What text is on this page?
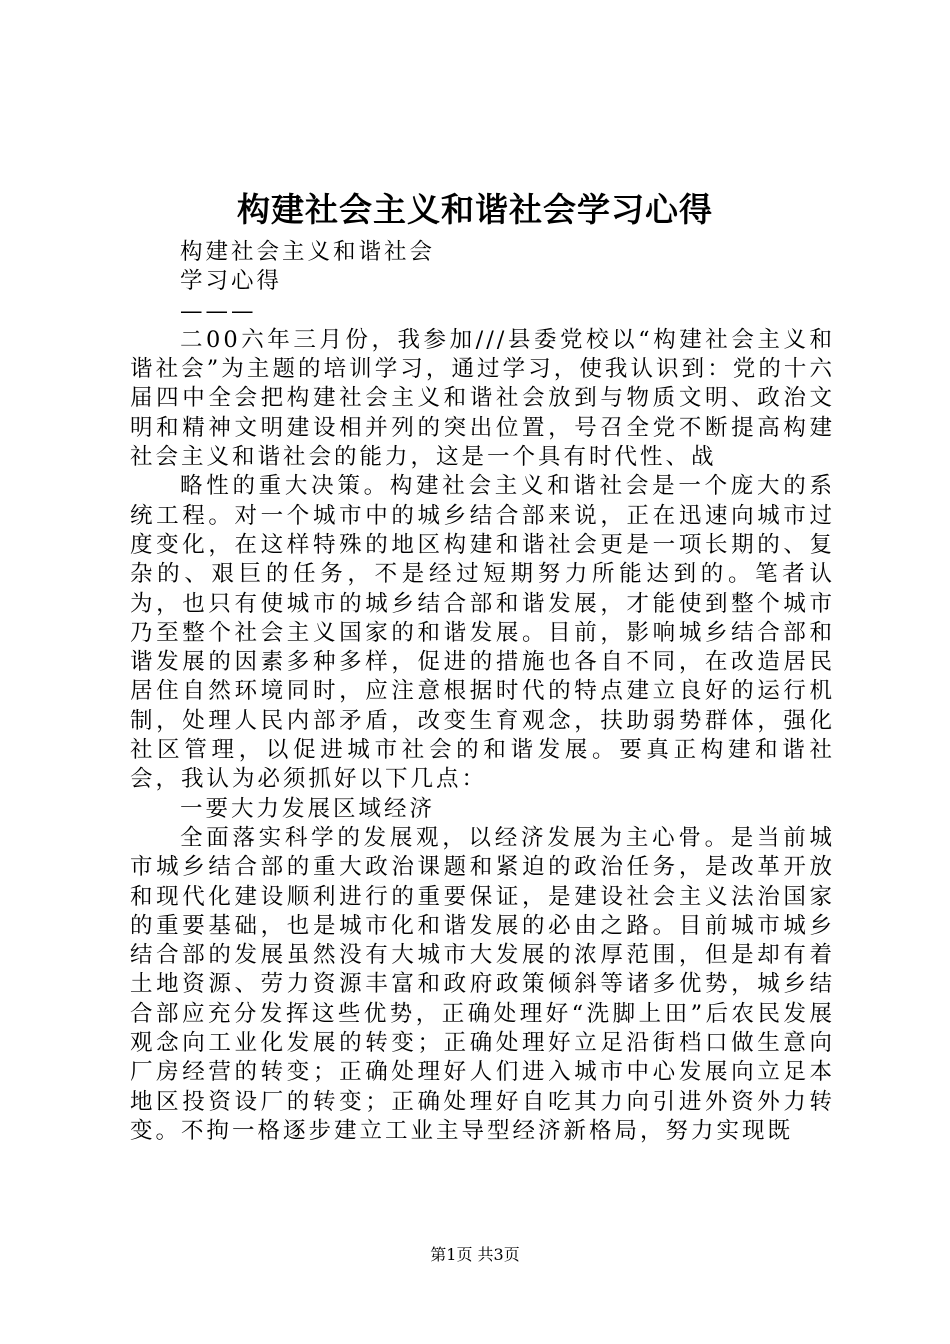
构建社会主义和谐社会学习心得

构建社会主义和谐社会

学习心得

———

二00六年三月份，我参加///县委党校以“构建社会主义和谐社会”为主题的培训学习，通过学习，使我认识到：党的十六届四中全会把构建社会主义和谐社会放到与物质文明、政治文明和精神文明建设相并列的突出位置，号召全党不断提高构建社会主义和谐社会的能力，这是一个具有时代性、战

略性的重大决策。构建社会主义和谐社会是一个庞大的系统工程。对一个城市中的城乡结合部来说，正在迅速向城市过度变化，在这样特殊的地区构建和谐社会更是一项长期的、复杂的、艰巨的任务，不是经过短期努力所能达到的。笔者认为，也只有使城市的城乡结合部和谐发展，才能使到整个城市乃至整个社会主义国家的和谐发展。目前，影响城乡结合部和谐发展的因素多种多样，促进的措施也各自不同，在改造居民居住自然环境同时，应注意根据时代的特点建立良好的运行机制，处理人民内部矛盾，改变生育观念，扶助弱势群体，强化社区管理，以促进城市社会的和谐发展。要真正构建和谐社会，我认为必须抓好以下几点：

一要大力发展区域经济

全面落实科学的发展观，以经济发展为主心骨。是当前城市城乡结合部的重大政治课题和紧迫的政治任务，是改革开放和现代化建设顺利进行的重要保证，是建设社会主义法治国家的重要基础，也是城市化和谐发展的必由之路。目前城市城乡结合部的发展虽然没有大城市大发展的浓厚范围，但是却有着土地资源、劳力资源丰富和政府政策倾斜等诸多优势，城乡结合部应充分发挥这些优势，正确处理好“洗脚上田”后农民发展观念向工业化发展的转变；正确处理好立足沿街档口做生意向厂房经营的转变；正确处理好人们进入城市中心发展向立足本地区投资设厂的转变；正确处理好自吃其力向引进外资外力转变。不拘一格逐步建立工业主导型经济新格局，努力实现既

第1页 共3页
